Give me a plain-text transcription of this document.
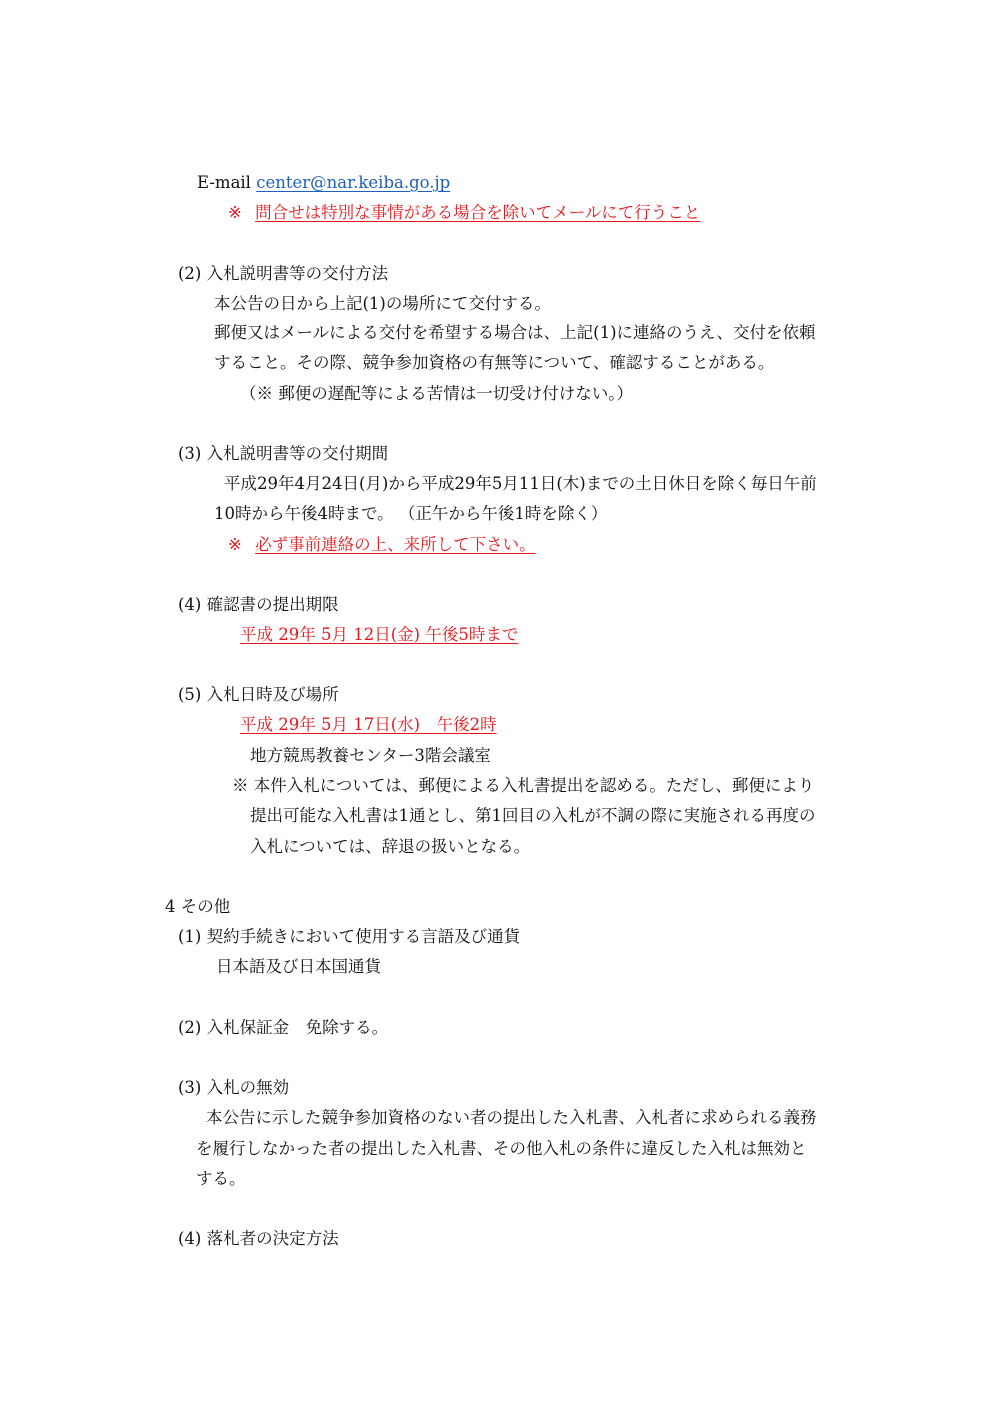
E-mail center@nar.keiba.go.jp
※ 問合せは特別な事情がある場合を除いてメールにて行うこと
(2) 入札説明書等の交付方法
本公告の日から上記(1)の場所にて交付する。
郵便又はメールによる交付を希望する場合は、上記(1)に連絡のうえ、交付を依頼
すること。その際、競争参加資格の有無等について、確認することがある。
（※ 郵便の遅配等による苦情は一切受け付けない。）
(3) 入札説明書等の交付期間
平成29年4月24日(月)から平成29年5月11日(木)までの土日休日を除く毎日午前
10時から午後4時まで。 （正午から午後1時を除く）
※ 必ず事前連絡の上、来所して下さい。
(4) 確認書の提出期限
平成 29年 5月 12日(金) 午後5時まで
(5) 入札日時及び場所
平成 29年 5月 17日(水)　午後2時
地方競馬教養センター3階会議室
※ 本件入札については、郵便による入札書提出を認める。ただし、郵便により
提出可能な入札書は1通とし、第1回目の入札が不調の際に実施される再度の
入札については、辞退の扱いとなる。
4 その他
(1) 契約手続きにおいて使用する言語及び通貨
日本語及び日本国通貨
(2) 入札保証金　免除する。
(3) 入札の無効
本公告に示した競争参加資格のない者の提出した入札書、入札者に求められる義務
を履行しなかった者の提出した入札書、その他入札の条件に違反した入札は無効と
する。
(4) 落札者の決定方法
